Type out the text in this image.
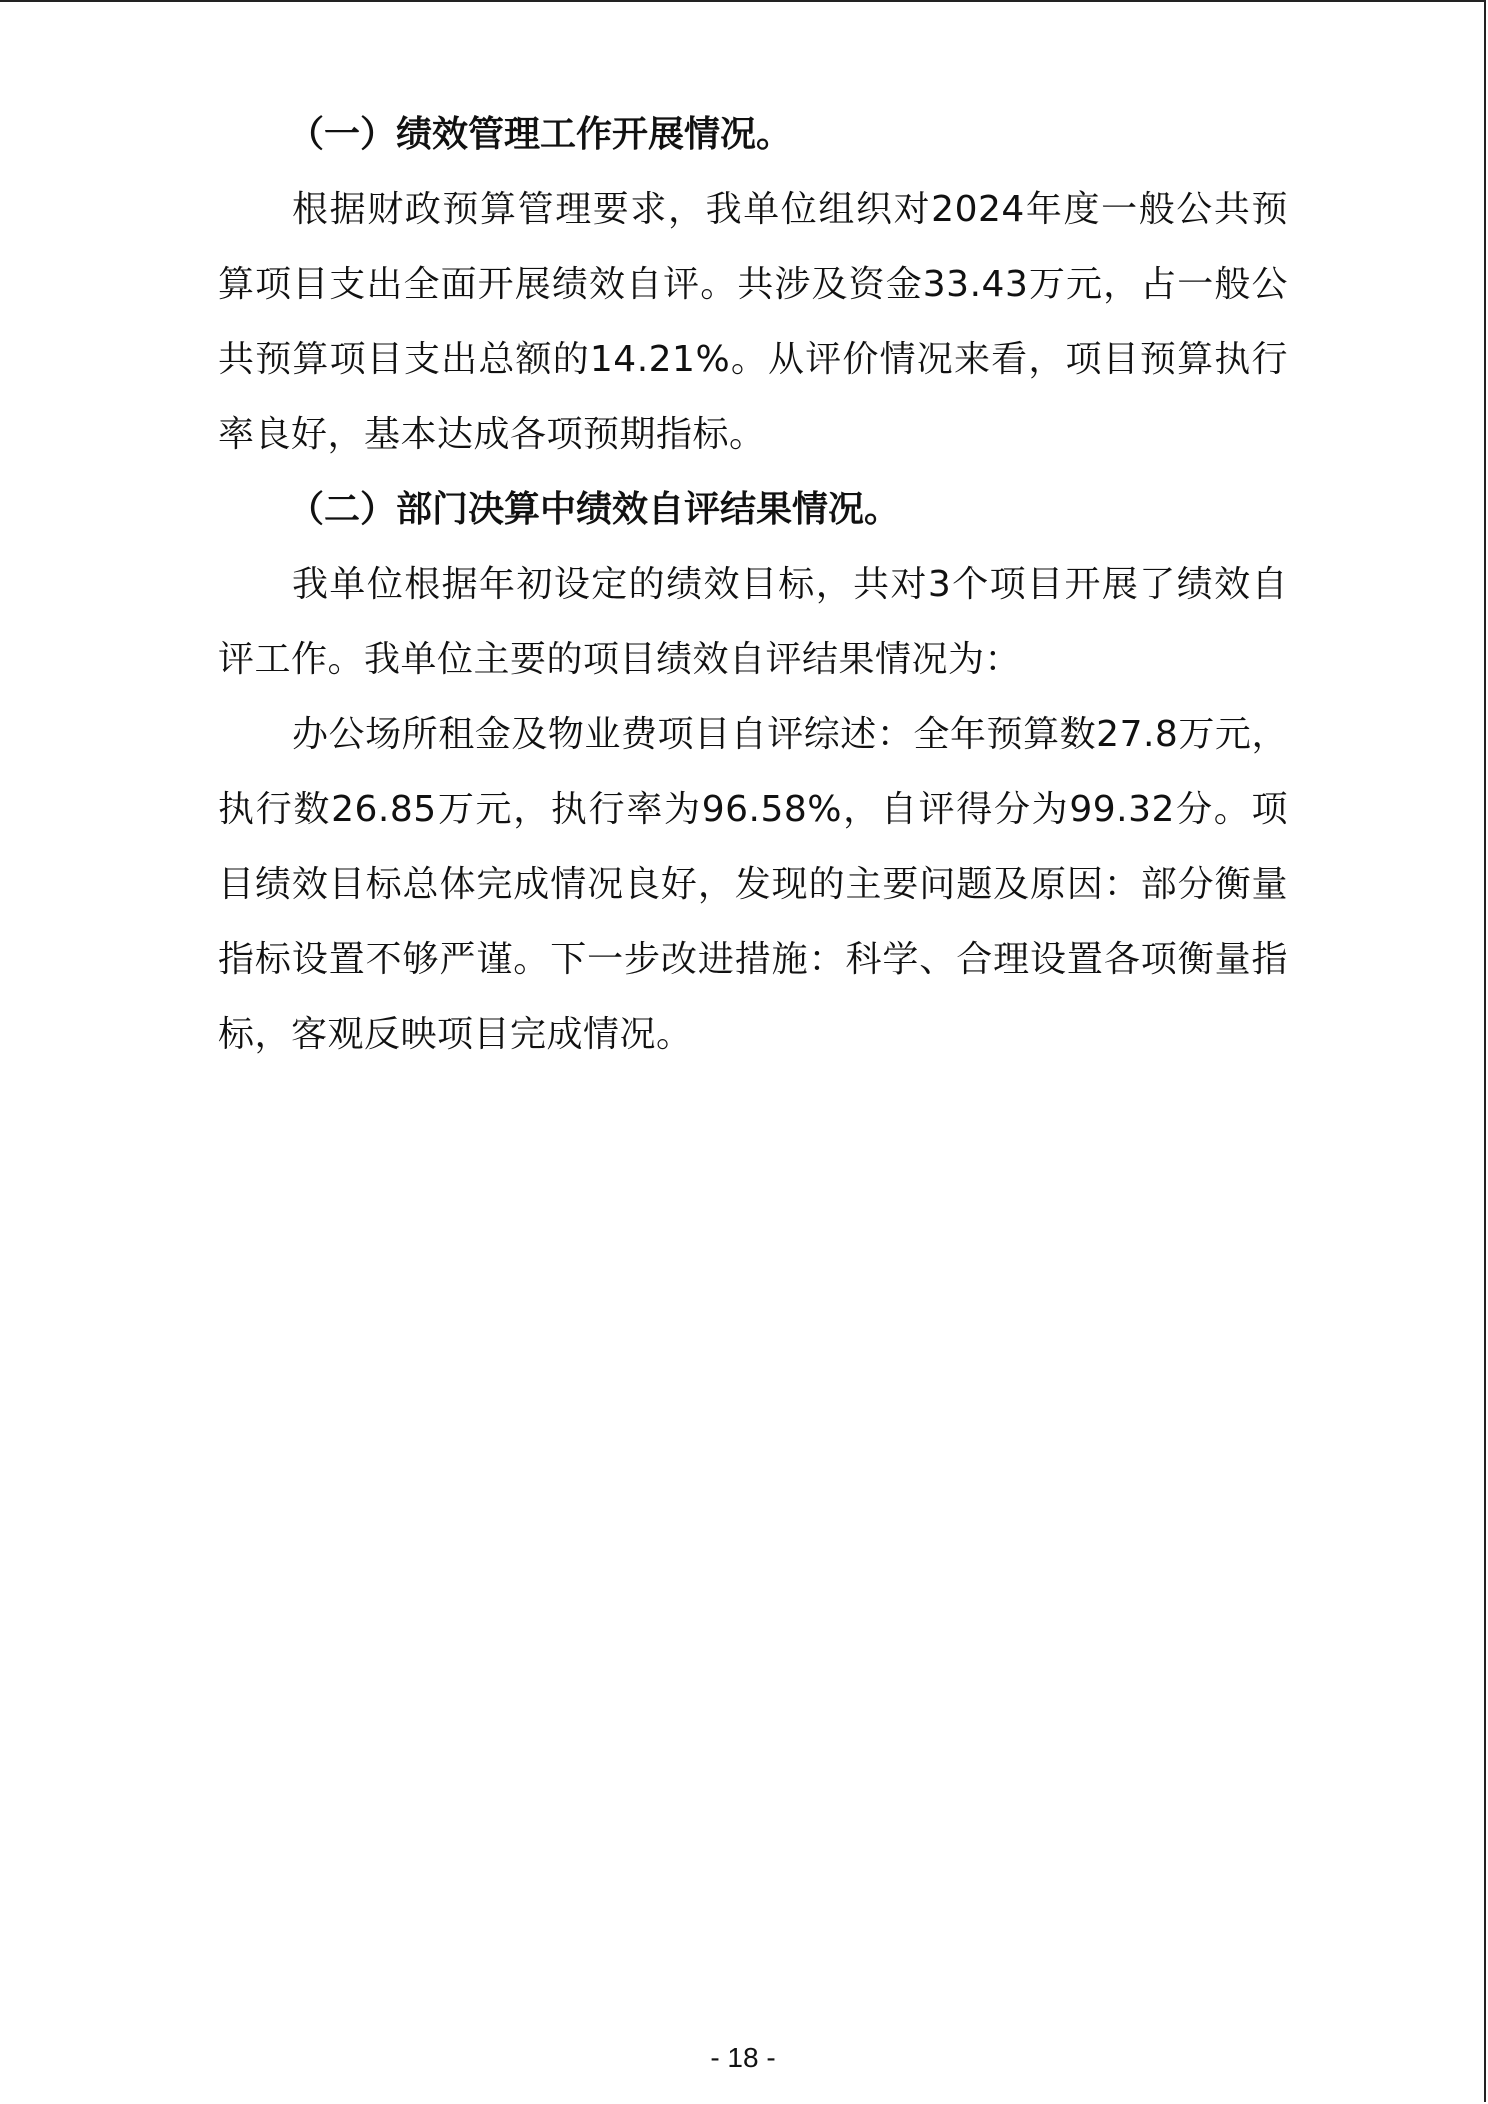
（一）绩效管理工作开展情况。

根据财政预算管理要求，我单位组织对2024年度一般公共预算项目支出全面开展绩效自评。共涉及资金33.43万元，占一般公共预算项目支出总额的14.21%。从评价情况来看，项目预算执行率良好，基本达成各项预期指标。

（二）部门决算中绩效自评结果情况。

我单位根据年初设定的绩效目标，共对3个项目开展了绩效自评工作。我单位主要的项目绩效自评结果情况为：

办公场所租金及物业费项目自评综述：全年预算数27.8万元，执行数26.85万元，执行率为96.58%，自评得分为99.32分。项目绩效目标总体完成情况良好，发现的主要问题及原因：部分衡量指标设置不够严谨。下一步改进措施：科学、合理设置各项衡量指标，客观反映项目完成情况。

- 18 -
